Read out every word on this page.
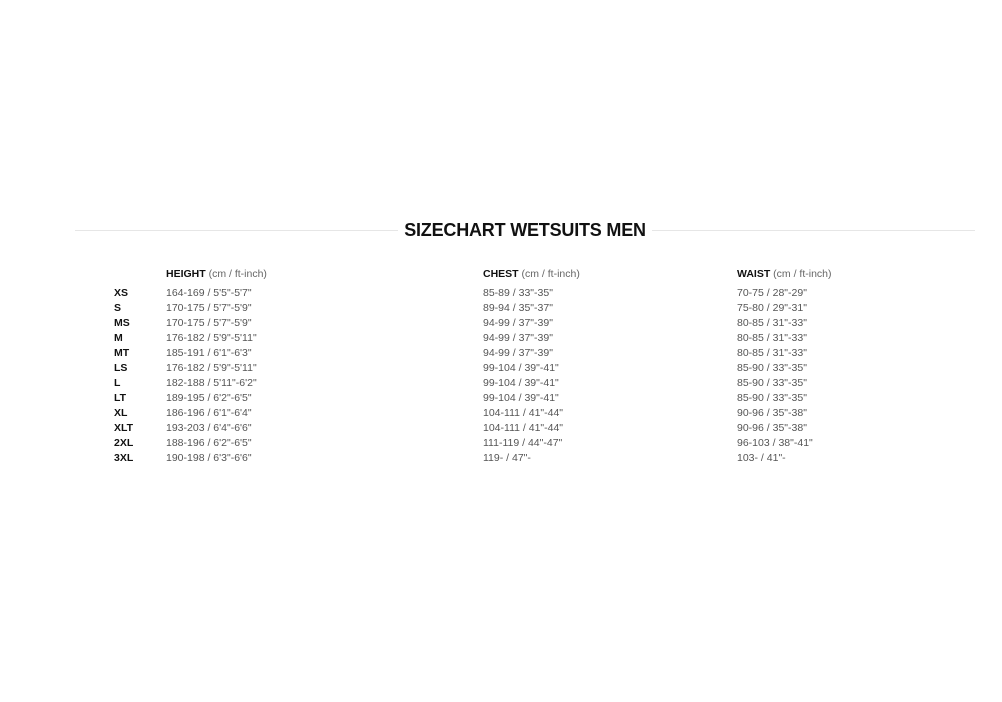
SIZECHART WETSUITS MEN
HEIGHT (cm / ft-inch)	CHEST (cm / ft-inch)	WAIST (cm / ft-inch)
XS	164-169 / 5'5"-5'7"	85-89 / 33"-35"	70-75 / 28"-29"
S	170-175 / 5'7"-5'9"	89-94 / 35"-37"	75-80 / 29"-31"
MS	170-175 / 5'7"-5'9"	94-99 / 37"-39"	80-85 / 31"-33"
M	176-182 / 5'9"-5'11"	94-99 / 37"-39"	80-85 / 31"-33"
MT	185-191 / 6'1"-6'3"	94-99 / 37"-39"	80-85 / 31"-33"
LS	176-182 / 5'9"-5'11"	99-104 / 39"-41"	85-90 / 33"-35"
L	182-188 / 5'11"-6'2"	99-104 / 39"-41"	85-90 / 33"-35"
LT	189-195 / 6'2"-6'5"	99-104 / 39"-41"	85-90 / 33"-35"
XL	186-196 / 6'1"-6'4"	104-111 / 41"-44"	90-96 / 35"-38"
XLT	193-203 / 6'4"-6'6"	104-111 / 41"-44"	90-96 / 35"-38"
2XL	188-196 / 6'2"-6'5"	111-119 / 44"-47"	96-103 / 38"-41"
3XL	190-198 / 6'3"-6'6"	119- / 47"-	103- / 41"-
